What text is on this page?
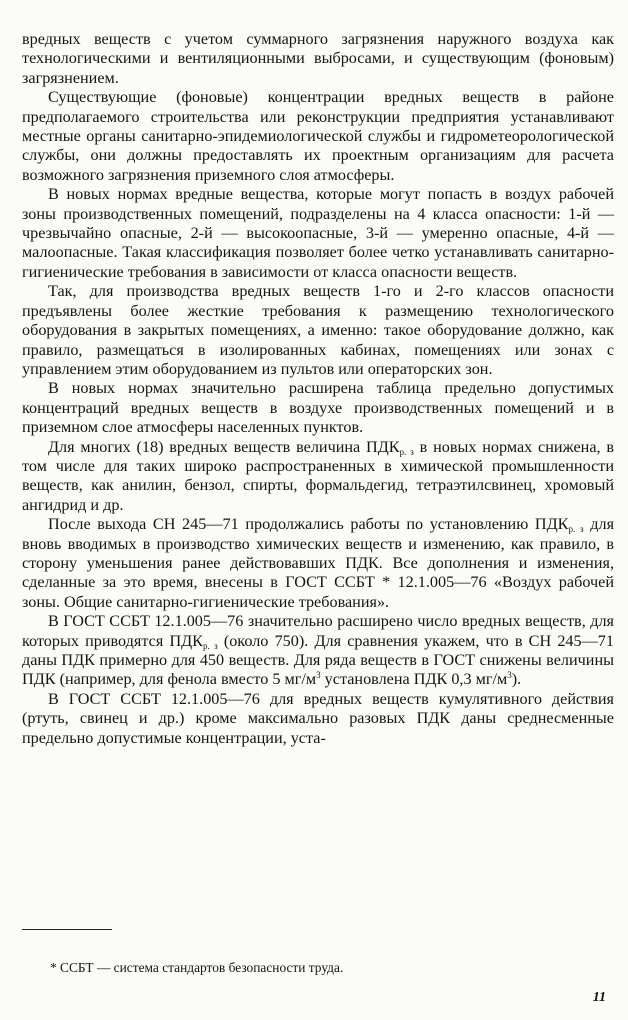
вредных веществ с учетом суммарного загрязнения наружного воздуха как технологическими и вентиляционными выбросами, и существующим (фоновым) загрязнением.

Существующие (фоновые) концентрации вредных веществ в районе предполагаемого строительства или реконструкции предприятия устанавливают местные органы санитарно-эпидемиологической службы и гидрометеорологической службы, они должны предоставлять их проектным организациям для расчета возможного загрязнения приземного слоя атмосферы.

В новых нормах вредные вещества, которые могут попасть в воздух рабочей зоны производственных помещений, подразделены на 4 класса опасности: 1-й — чрезвычайно опасные, 2-й — высокоопасные, 3-й — умеренно опасные, 4-й — малоопасные. Такая классификация позволяет более четко устанавливать санитарно-гигиенические требования в зависимости от класса опасности веществ.

Так, для производства вредных веществ 1-го и 2-го классов опасности предъявлены более жесткие требования к размещению технологического оборудования в закрытых помещениях, а именно: такое оборудование должно, как правило, размещаться в изолированных кабинах, помещениях или зонах с управлением этим оборудованием из пультов или операторских зон.

В новых нормах значительно расширена таблица предельно допустимых концентраций вредных веществ в воздухе производственных помещений и в приземном слое атмосферы населенных пунктов.

Для многих (18) вредных веществ величина $ПДК_{р. з}$ в новых нормах снижена, в том числе для таких широко распространенных в химической промышленности веществ, как анилин, бензол, спирты, формальдегид, тетраэтилсвинец, хромовый ангидрид и др.

После выхода СН 245—71 продолжались работы по установлению $ПДК_{р. з}$ для вновь вводимых в производство химических веществ и изменению, как правило, в сторону уменьшения ранее действовавших ПДК. Все дополнения и изменения, сделанные за это время, внесены в ГОСТ ССБТ * 12.1.005—76 «Воздух рабочей зоны. Общие санитарно-гигиенические требования».

В ГОСТ ССБТ 12.1.005—76 значительно расширено число вредных веществ, для которых приводятся $ПДК_{р. з}$ (около 750). Для сравнения укажем, что в СН 245—71 даны ПДК примерно для 450 веществ. Для ряда веществ в ГОСТ снижены величины ПДК (например, для фенола вместо 5 $мг/м^3$ установлена ПДК 0,3 $мг/м^3$).

В ГОСТ ССБТ 12.1.005—76 для вредных веществ кумулятивного действия (ртуть, свинец и др.) кроме максимально разовых ПДК даны среднесменные предельно допустимые концентрации, уста-

* ССБТ — система стандартов безопасности труда.
11
